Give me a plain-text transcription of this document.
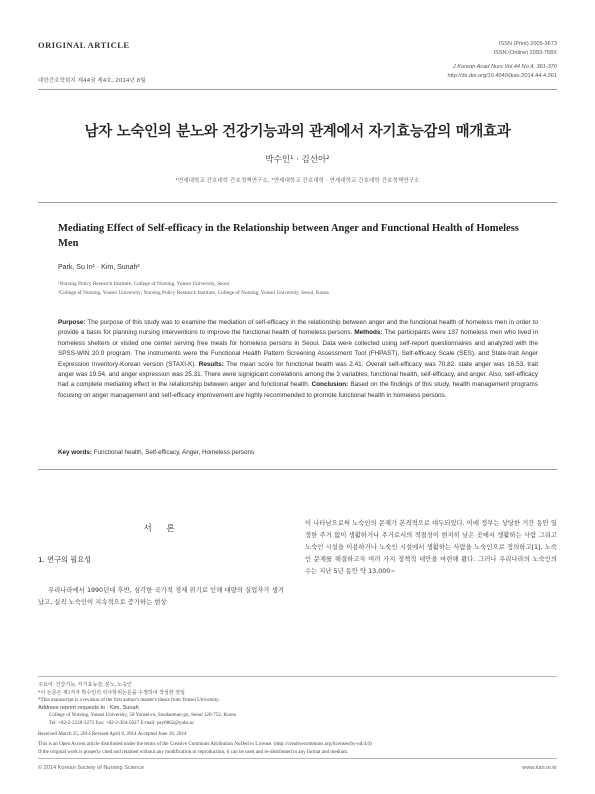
ORIGINAL ARTICLE
대한간호학회지 제44권 제4호, 2014년 8월
ISSN (Print) 2005-3673
ISSN (Online) 2093-758X
J Korean Acad Nurs Vol.44 No.4, 361-370
http://dx.doi.org/10.4040/jkan.2014.44.4.361
남자 노숙인의 분노와 건강기능과의 관계에서 자기효능감의 매개효과
박수인¹ · 김선아²
¹연세대학교 간호대학 간호정책연구소, ²연세대학교 간호대학 · 연세대학교 간호대학 간호정책연구소
Mediating Effect of Self-efficacy in the Relationship between Anger and Functional Health of Homeless Men
Park, Su In¹ · Kim, Sunah²
¹Nursing Policy Research Institute, College of Nursing, Yonsei University, Seoul
²College of Nursing, Yonsei University; Nursing Policy Research Institute, College of Nursing, Yonsei University, Seoul, Korea
Purpose: The purpose of this study was to examine the mediation of self-efficacy in the relationship between anger and the functional health of homeless men in order to provide a basis for planning nursing interventions to improve the functional health of homeless persons. Methods: The participants were 137 homeless men who lived in homeless shelters or visited one center serving free meals for homeless persons in Seoul. Data were collected using self-report questionnaires and analyzed with the SPSS-WIN 20.0 program. The instruments were the Functional Health Pattern Screening Assessment Tool (FHPAST), Self-efficacy Scale (SES), and State-trait Anger Expression Inventory-Korean version (STAXI-K). Results: The mean score for functional health was 2.41. Overall self-efficacy was 70.82. state anger was 16.53, trait anger was 19.54, and anger expression was 25.31. There were signigicant correlations among the 3 variables, functional health, self-efficacy, and anger. Also, self-efficacy had a complete mediating effect in the relationship between anger and functional health. Conclusion: Based on the findings of this study, health management programs focusing on anger management and self-efficacy improvement are highly recommended to promote functional health in homeless persons.
Key words: Functional health, Self-efficacy, Anger, Homeless persons
서 론
1. 연구의 필요성
우리나라에서 1990년대 후반, 심각한 국가적 경제 위기로 인해 대량의 실업자가 생겨났고, 실직 노숙인이 지속적으로 증가하는 현상
이 나타남으로써 노숙인의 문제가 본격적으로 대두되었다. 이에 정부는 상당한 기간 동안 일정한 주거 없이 생활하거나 주거로서의 적절성이 현저히 낮은 곳에서 생활하는 사람 그리고 노숙인 시설을 이용하거나 노숙인 시설에서 생활하는 사람을 노숙인으로 정의하고[1], 노숙인 문제를 해결하고자 여러 가지 정책적 대안을 마련해 왔다. 그러나 우리나라의 노숙인의 수는 지난 5년 동안 약 13,000~
주요어: 건강기능, 자기효능감, 분노, 노숙인
*이 논문은 제1저자 박수인의 석사학위논문을 수정하여 작성한 것임
*This manuscript is a revision of the first author's master's thesis from Yonsei University.
Address reprint requests to : Kim, Sunah
College of Nursing, Yonsei University, 50 Yonsei-ro, Seodaemun-gu, Seoul 120-752, Korea
Tel: +82-2-2228-3275 Fax: +82-2-364-5027 E-mail: psy0862@yuhs.ac
Received March 25, 2014 Revised April 8, 2014 Accepted June 18, 2014
This is an Open Access article distributed under the terms of the Creative Commons Attribution NoDerivs License. (http://creativecommons.org/licenses/by-nd/4.0)
If the original work is properly cited and retained without any modification or reproduction, it can be used and re-distributed in any format and medium.
© 2014 Korean Society of Nursing Science	www.kan.or.kr
